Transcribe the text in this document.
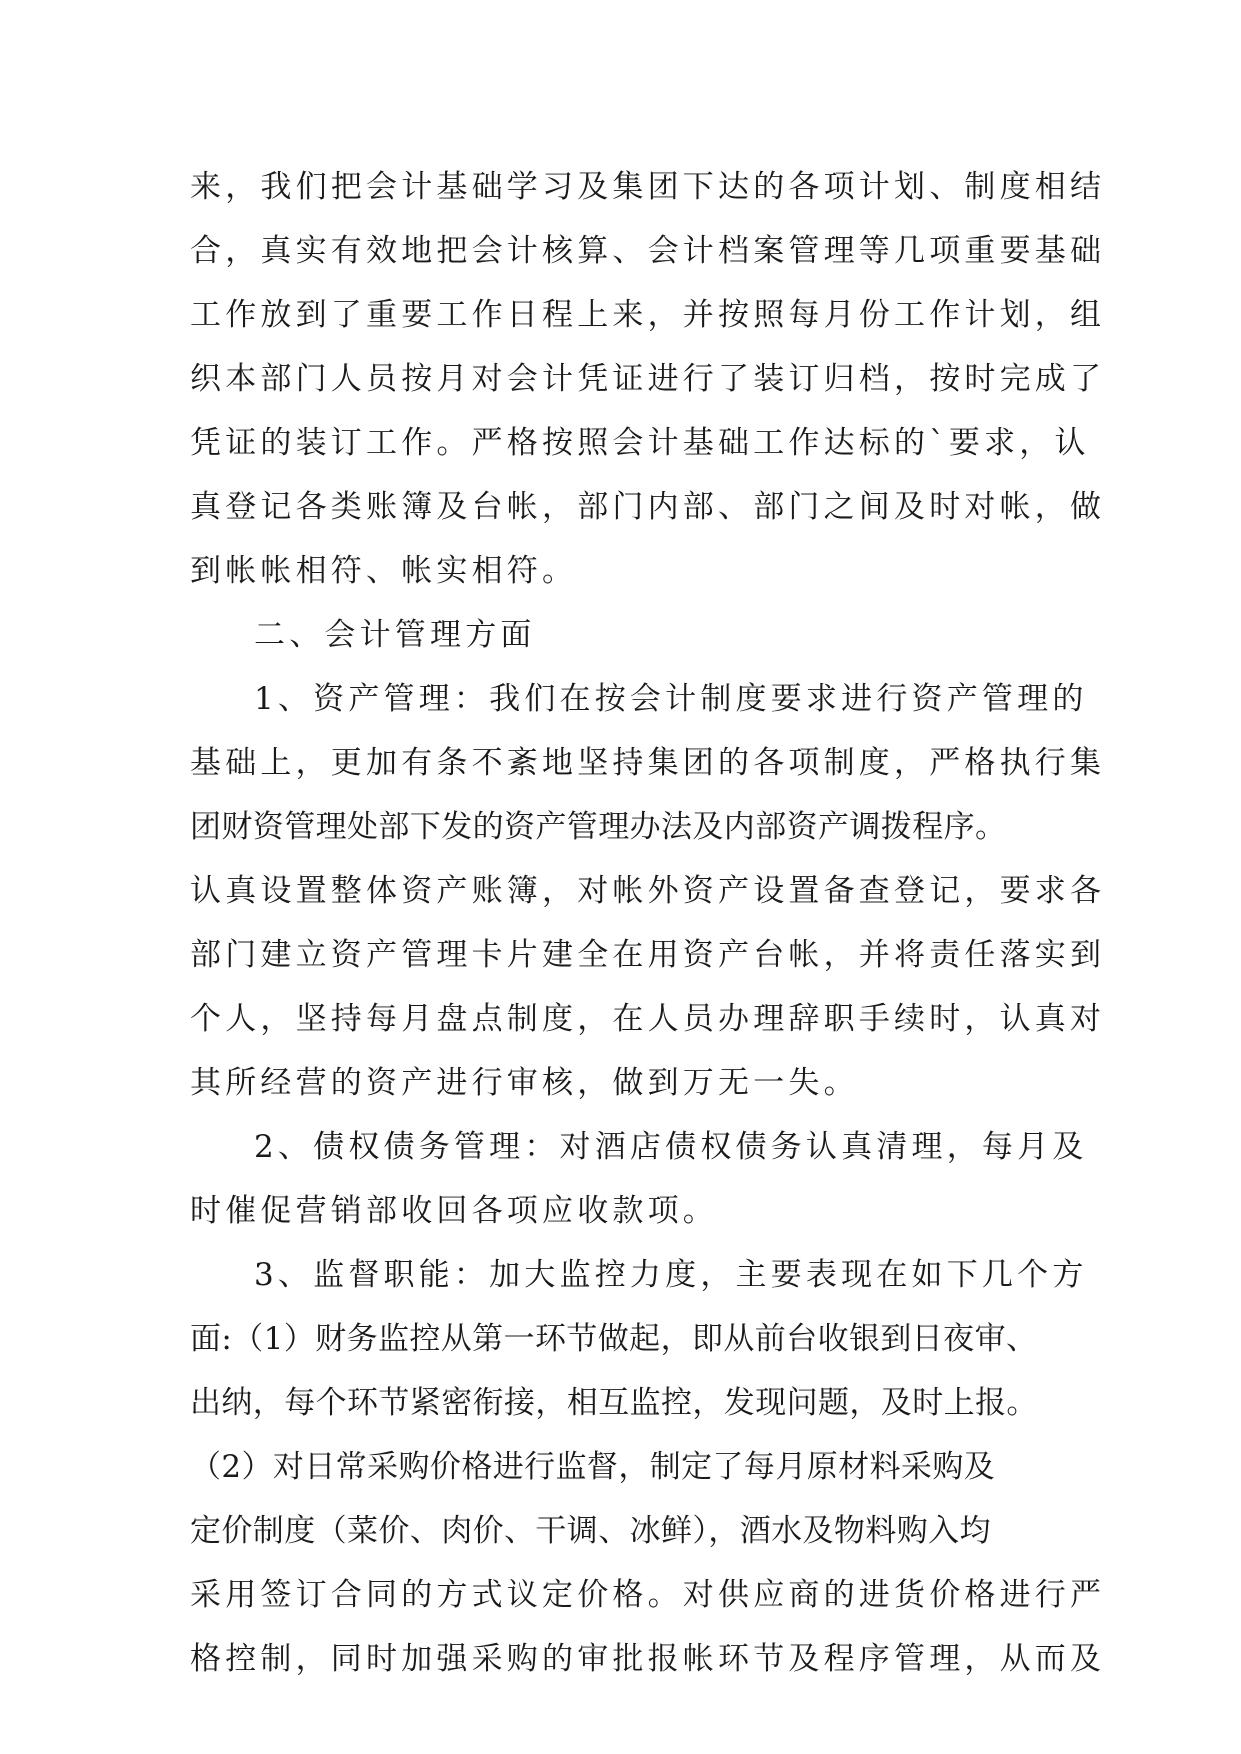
来，我们把会计基础学习及集团下达的各项计划、制度相结
合，真实有效地把会计核算、会计档案管理等几项重要基础
工作放到了重要工作日程上来，并按照每月份工作计划，组
织本部门人员按月对会计凭证进行了装订归档，按时完成了
凭证的装订工作。严格按照会计基础工作达标的`要求，认
真登记各类账簿及台帐，部门内部、部门之间及时对帐，做
到帐帐相符、帐实相符。
二、会计管理方面
1、资产管理：我们在按会计制度要求进行资产管理的
基础上，更加有条不紊地坚持集团的各项制度，严格执行集
团财资管理处部下发的资产管理办法及内部资产调拨程序。
认真设置整体资产账簿，对帐外资产设置备查登记，要求各
部门建立资产管理卡片建全在用资产台帐，并将责任落实到
个人，坚持每月盘点制度，在人员办理辞职手续时，认真对
其所经营的资产进行审核，做到万无一失。
2、债权债务管理：对酒店债权债务认真清理，每月及
时催促营销部收回各项应收款项。
3、监督职能：加大监控力度，主要表现在如下几个方
面:（1）财务监控从第一环节做起，即从前台收银到日夜审、
出纳，每个环节紧密衔接，相互监控，发现问题，及时上报。
（2）对日常采购价格进行监督，制定了每月原材料采购及
定价制度（菜价、肉价、干调、冰鲜），酒水及物料购入均
采用签订合同的方式议定价格。对供应商的进货价格进行严
格控制，同时加强采购的审批报帐环节及程序管理，从而及
